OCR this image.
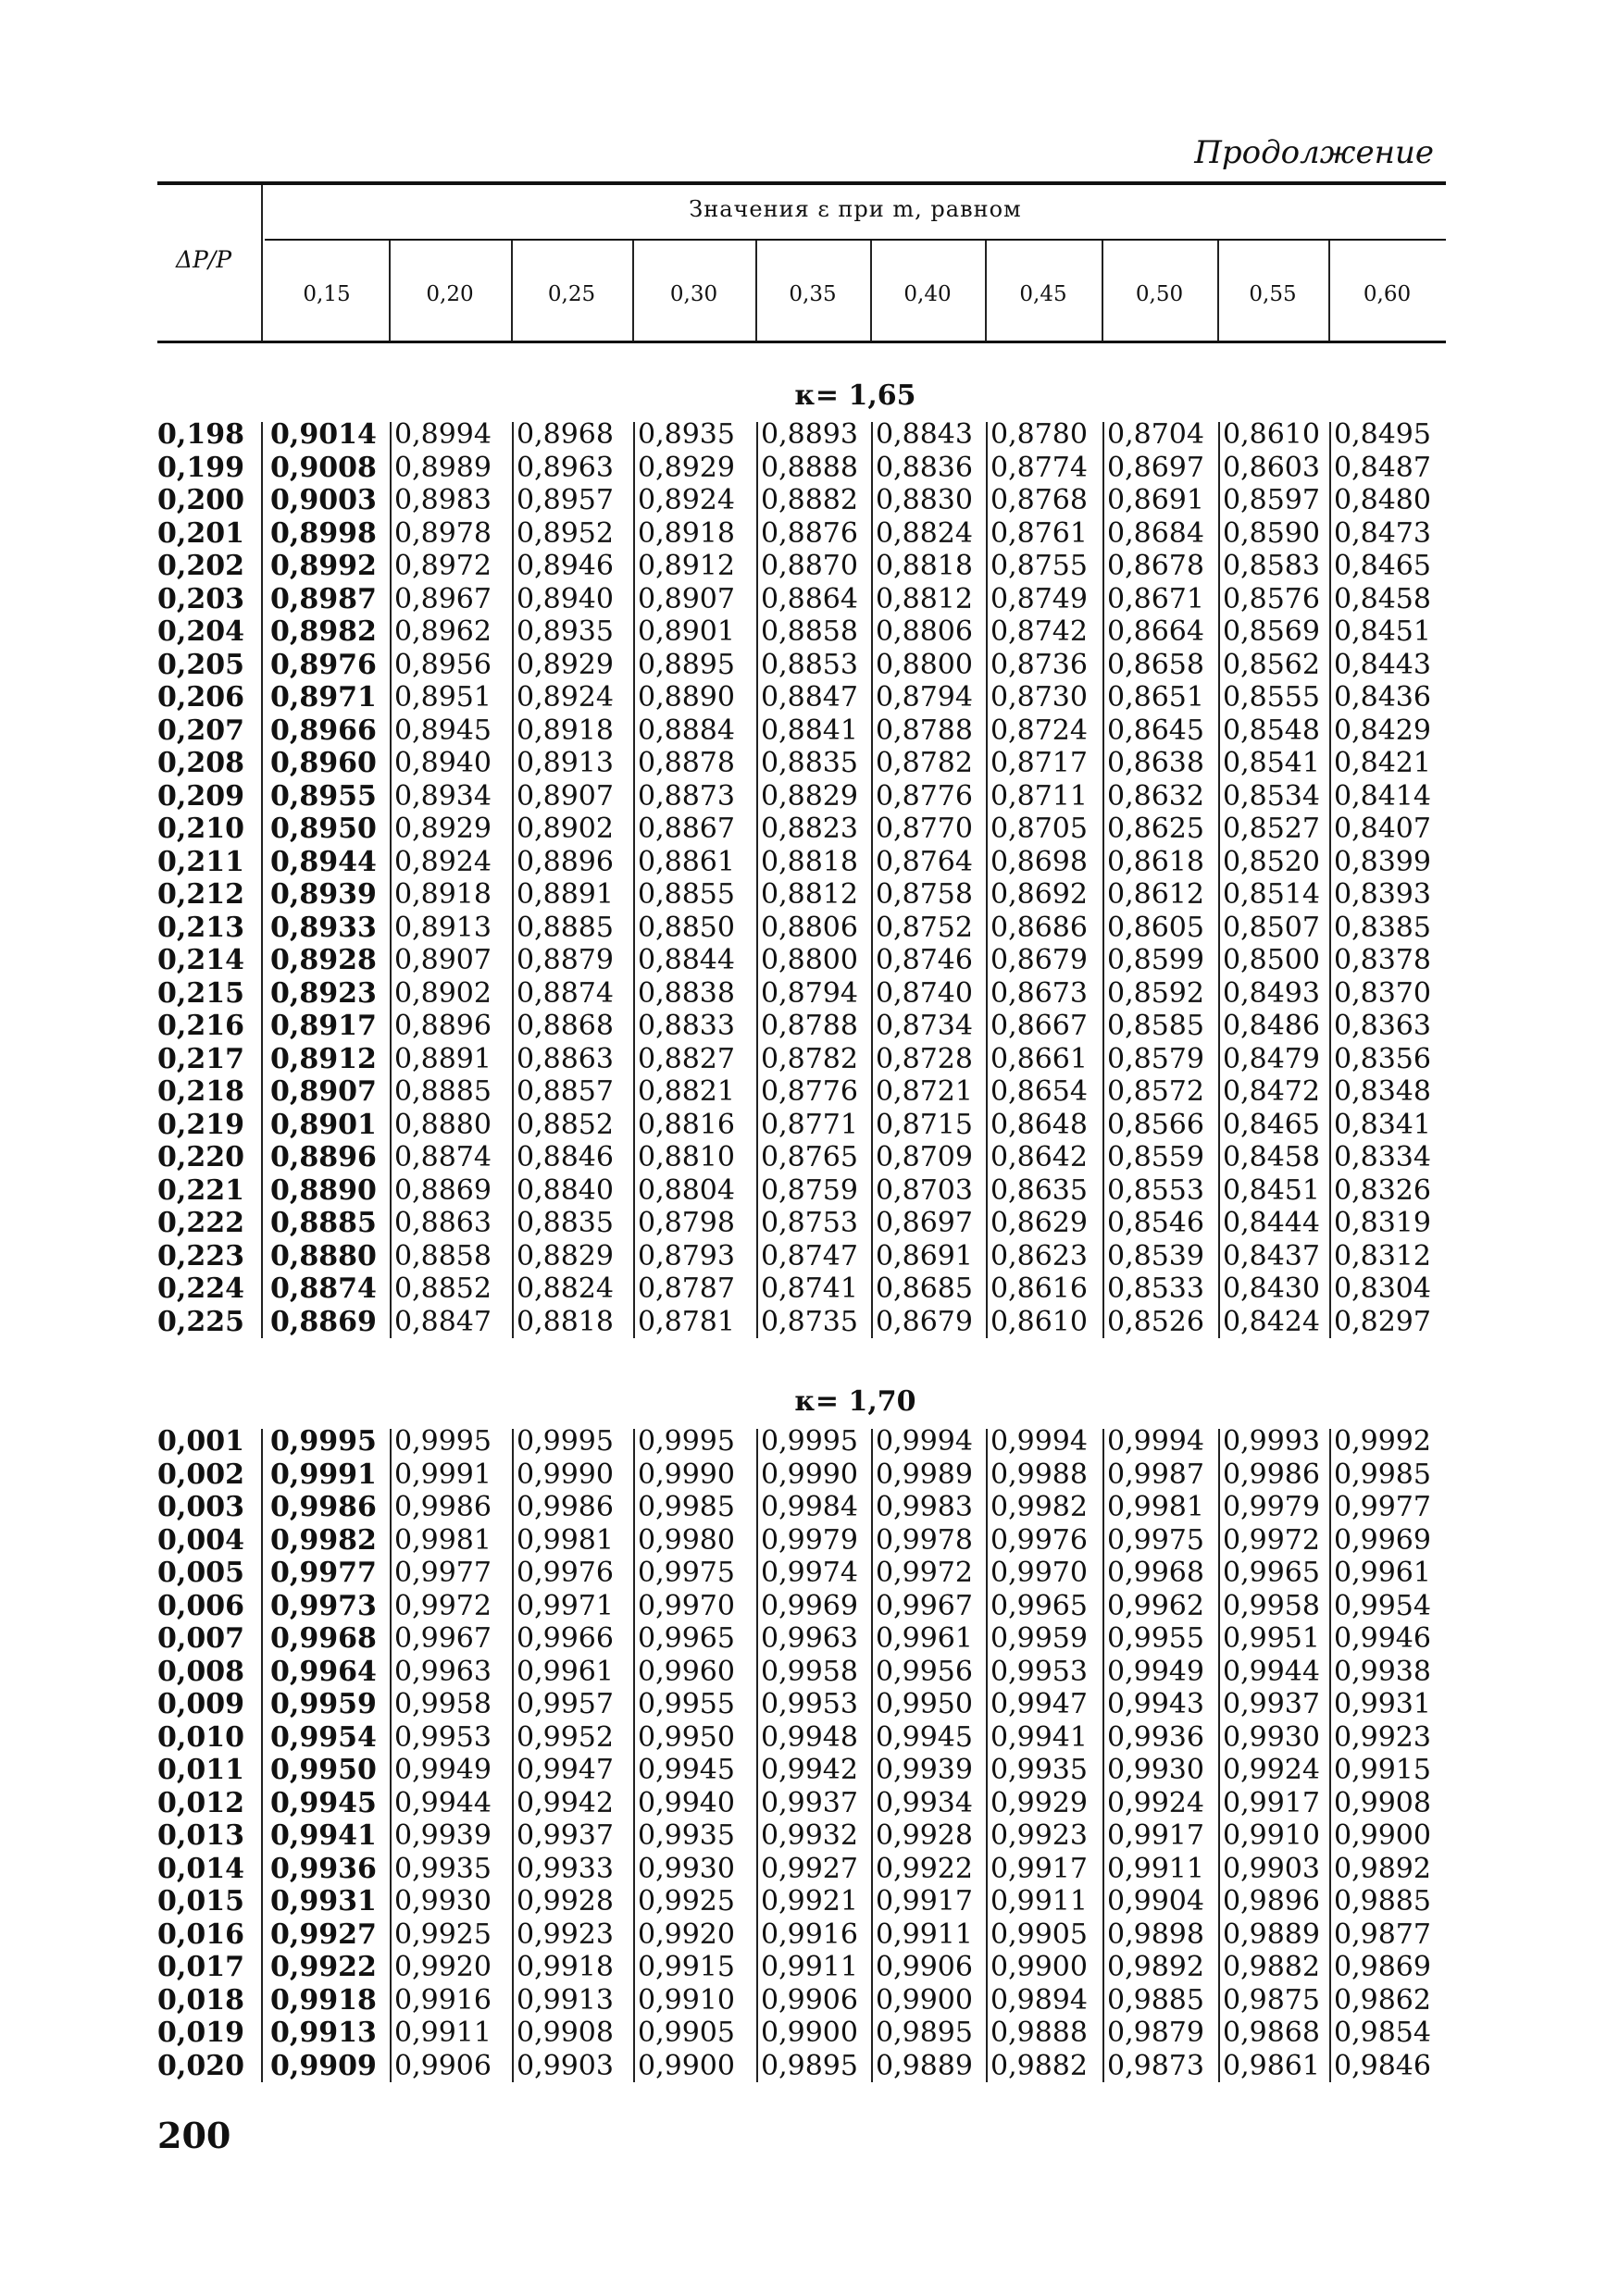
Продолжение
ΔP/P
Значения ε при m, равном
0,15	0,20	0,25	0,30	0,35	0,40	0,45	0,50	0,55	0,60
κ= 1,65
0,198 0,9014 0,8994 0,8968 0,8935 0,8893 0,8843 0,8780 0,8704 0,8610 0,8495
0,199 0,9008 0,8989 0,8963 0,8929 0,8888 0,8836 0,8774 0,8697 0,8603 0,8487
0,200 0,9003 0,8983 0,8957 0,8924 0,8882 0,8830 0,8768 0,8691 0,8597 0,8480
0,201 0,8998 0,8978 0,8952 0,8918 0,8876 0,8824 0,8761 0,8684 0,8590 0,8473
0,202 0,8992 0,8972 0,8946 0,8912 0,8870 0,8818 0,8755 0,8678 0,8583 0,8465
0,203 0,8987 0,8967 0,8940 0,8907 0,8864 0,8812 0,8749 0,8671 0,8576 0,8458
0,204 0,8982 0,8962 0,8935 0,8901 0,8858 0,8806 0,8742 0,8664 0,8569 0,8451
0,205 0,8976 0,8956 0,8929 0,8895 0,8853 0,8800 0,8736 0,8658 0,8562 0,8443
0,206 0,8971 0,8951 0,8924 0,8890 0,8847 0,8794 0,8730 0,8651 0,8555 0,8436
0,207 0,8966 0,8945 0,8918 0,8884 0,8841 0,8788 0,8724 0,8645 0,8548 0,8429
0,208 0,8960 0,8940 0,8913 0,8878 0,8835 0,8782 0,8717 0,8638 0,8541 0,8421
0,209 0,8955 0,8934 0,8907 0,8873 0,8829 0,8776 0,8711 0,8632 0,8534 0,8414
0,210 0,8950 0,8929 0,8902 0,8867 0,8823 0,8770 0,8705 0,8625 0,8527 0,8407
0,211 0,8944 0,8924 0,8896 0,8861 0,8818 0,8764 0,8698 0,8618 0,8520 0,8399
0,212 0,8939 0,8918 0,8891 0,8855 0,8812 0,8758 0,8692 0,8612 0,8514 0,8393
0,213 0,8933 0,8913 0,8885 0,8850 0,8806 0,8752 0,8686 0,8605 0,8507 0,8385
0,214 0,8928 0,8907 0,8879 0,8844 0,8800 0,8746 0,8679 0,8599 0,8500 0,8378
0,215 0,8923 0,8902 0,8874 0,8838 0,8794 0,8740 0,8673 0,8592 0,8493 0,8370
0,216 0,8917 0,8896 0,8868 0,8833 0,8788 0,8734 0,8667 0,8585 0,8486 0,8363
0,217 0,8912 0,8891 0,8863 0,8827 0,8782 0,8728 0,8661 0,8579 0,8479 0,8356
0,218 0,8907 0,8885 0,8857 0,8821 0,8776 0,8721 0,8654 0,8572 0,8472 0,8348
0,219 0,8901 0,8880 0,8852 0,8816 0,8771 0,8715 0,8648 0,8566 0,8465 0,8341
0,220 0,8896 0,8874 0,8846 0,8810 0,8765 0,8709 0,8642 0,8559 0,8458 0,8334
0,221 0,8890 0,8869 0,8840 0,8804 0,8759 0,8703 0,8635 0,8553 0,8451 0,8326
0,222 0,8885 0,8863 0,8835 0,8798 0,8753 0,8697 0,8629 0,8546 0,8444 0,8319
0,223 0,8880 0,8858 0,8829 0,8793 0,8747 0,8691 0,8623 0,8539 0,8437 0,8312
0,224 0,8874 0,8852 0,8824 0,8787 0,8741 0,8685 0,8616 0,8533 0,8430 0,8304
0,225 0,8869 0,8847 0,8818 0,8781 0,8735 0,8679 0,8610 0,8526 0,8424 0,8297
κ= 1,70
0,001 0,9995 0,9995 0,9995 0,9995 0,9995 0,9994 0,9994 0,9994 0,9993 0,9992
0,002 0,9991 0,9991 0,9990 0,9990 0,9990 0,9989 0,9988 0,9987 0,9986 0,9985
0,003 0,9986 0,9986 0,9986 0,9985 0,9984 0,9983 0,9982 0,9981 0,9979 0,9977
0,004 0,9982 0,9981 0,9981 0,9980 0,9979 0,9978 0,9976 0,9975 0,9972 0,9969
0,005 0,9977 0,9977 0,9976 0,9975 0,9974 0,9972 0,9970 0,9968 0,9965 0,9961
0,006 0,9973 0,9972 0,9971 0,9970 0,9969 0,9967 0,9965 0,9962 0,9958 0,9954
0,007 0,9968 0,9967 0,9966 0,9965 0,9963 0,9961 0,9959 0,9955 0,9951 0,9946
0,008 0,9964 0,9963 0,9961 0,9960 0,9958 0,9956 0,9953 0,9949 0,9944 0,9938
0,009 0,9959 0,9958 0,9957 0,9955 0,9953 0,9950 0,9947 0,9943 0,9937 0,9931
0,010 0,9954 0,9953 0,9952 0,9950 0,9948 0,9945 0,9941 0,9936 0,9930 0,9923
0,011 0,9950 0,9949 0,9947 0,9945 0,9942 0,9939 0,9935 0,9930 0,9924 0,9915
0,012 0,9945 0,9944 0,9942 0,9940 0,9937 0,9934 0,9929 0,9924 0,9917 0,9908
0,013 0,9941 0,9939 0,9937 0,9935 0,9932 0,9928 0,9923 0,9917 0,9910 0,9900
0,014 0,9936 0,9935 0,9933 0,9930 0,9927 0,9922 0,9917 0,9911 0,9903 0,9892
0,015 0,9931 0,9930 0,9928 0,9925 0,9921 0,9917 0,9911 0,9904 0,9896 0,9885
0,016 0,9927 0,9925 0,9923 0,9920 0,9916 0,9911 0,9905 0,9898 0,9889 0,9877
0,017 0,9922 0,9920 0,9918 0,9915 0,9911 0,9906 0,9900 0,9892 0,9882 0,9869
0,018 0,9918 0,9916 0,9913 0,9910 0,9906 0,9900 0,9894 0,9885 0,9875 0,9862
0,019 0,9913 0,9911 0,9908 0,9905 0,9900 0,9895 0,9888 0,9879 0,9868 0,9854
0,020 0,9909 0,9906 0,9903 0,9900 0,9895 0,9889 0,9882 0,9873 0,9861 0,9846
200
